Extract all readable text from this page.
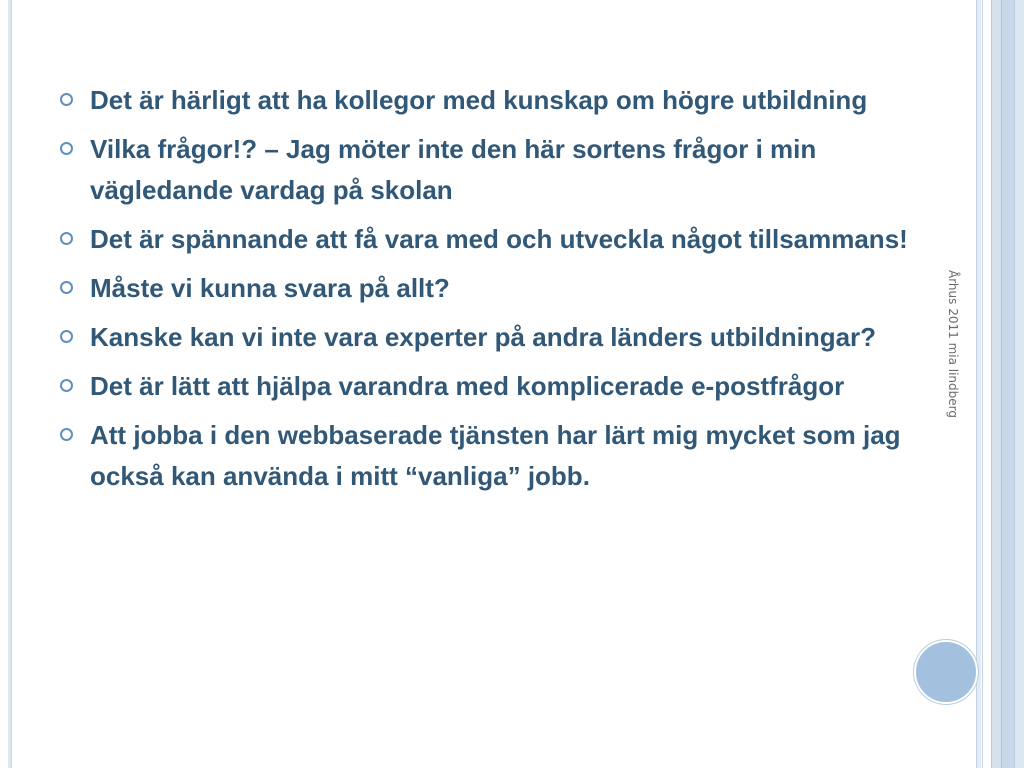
Århus 2011 mia lindberg
Det är härligt att ha kollegor med kunskap om högre utbildning
Vilka frågor!? – Jag möter inte den här sortens frågor i min vägledande vardag på skolan
Det är spännande att få vara med och utveckla något tillsammans!
Måste vi kunna svara på allt?
Kanske kan vi inte vara experter på andra länders utbildningar?
Det är lätt att hjälpa varandra med komplicerade e-postfrågor
Att jobba i den webbaserade tjänsten har lärt mig mycket som jag också kan använda i mitt “vanliga” jobb.
